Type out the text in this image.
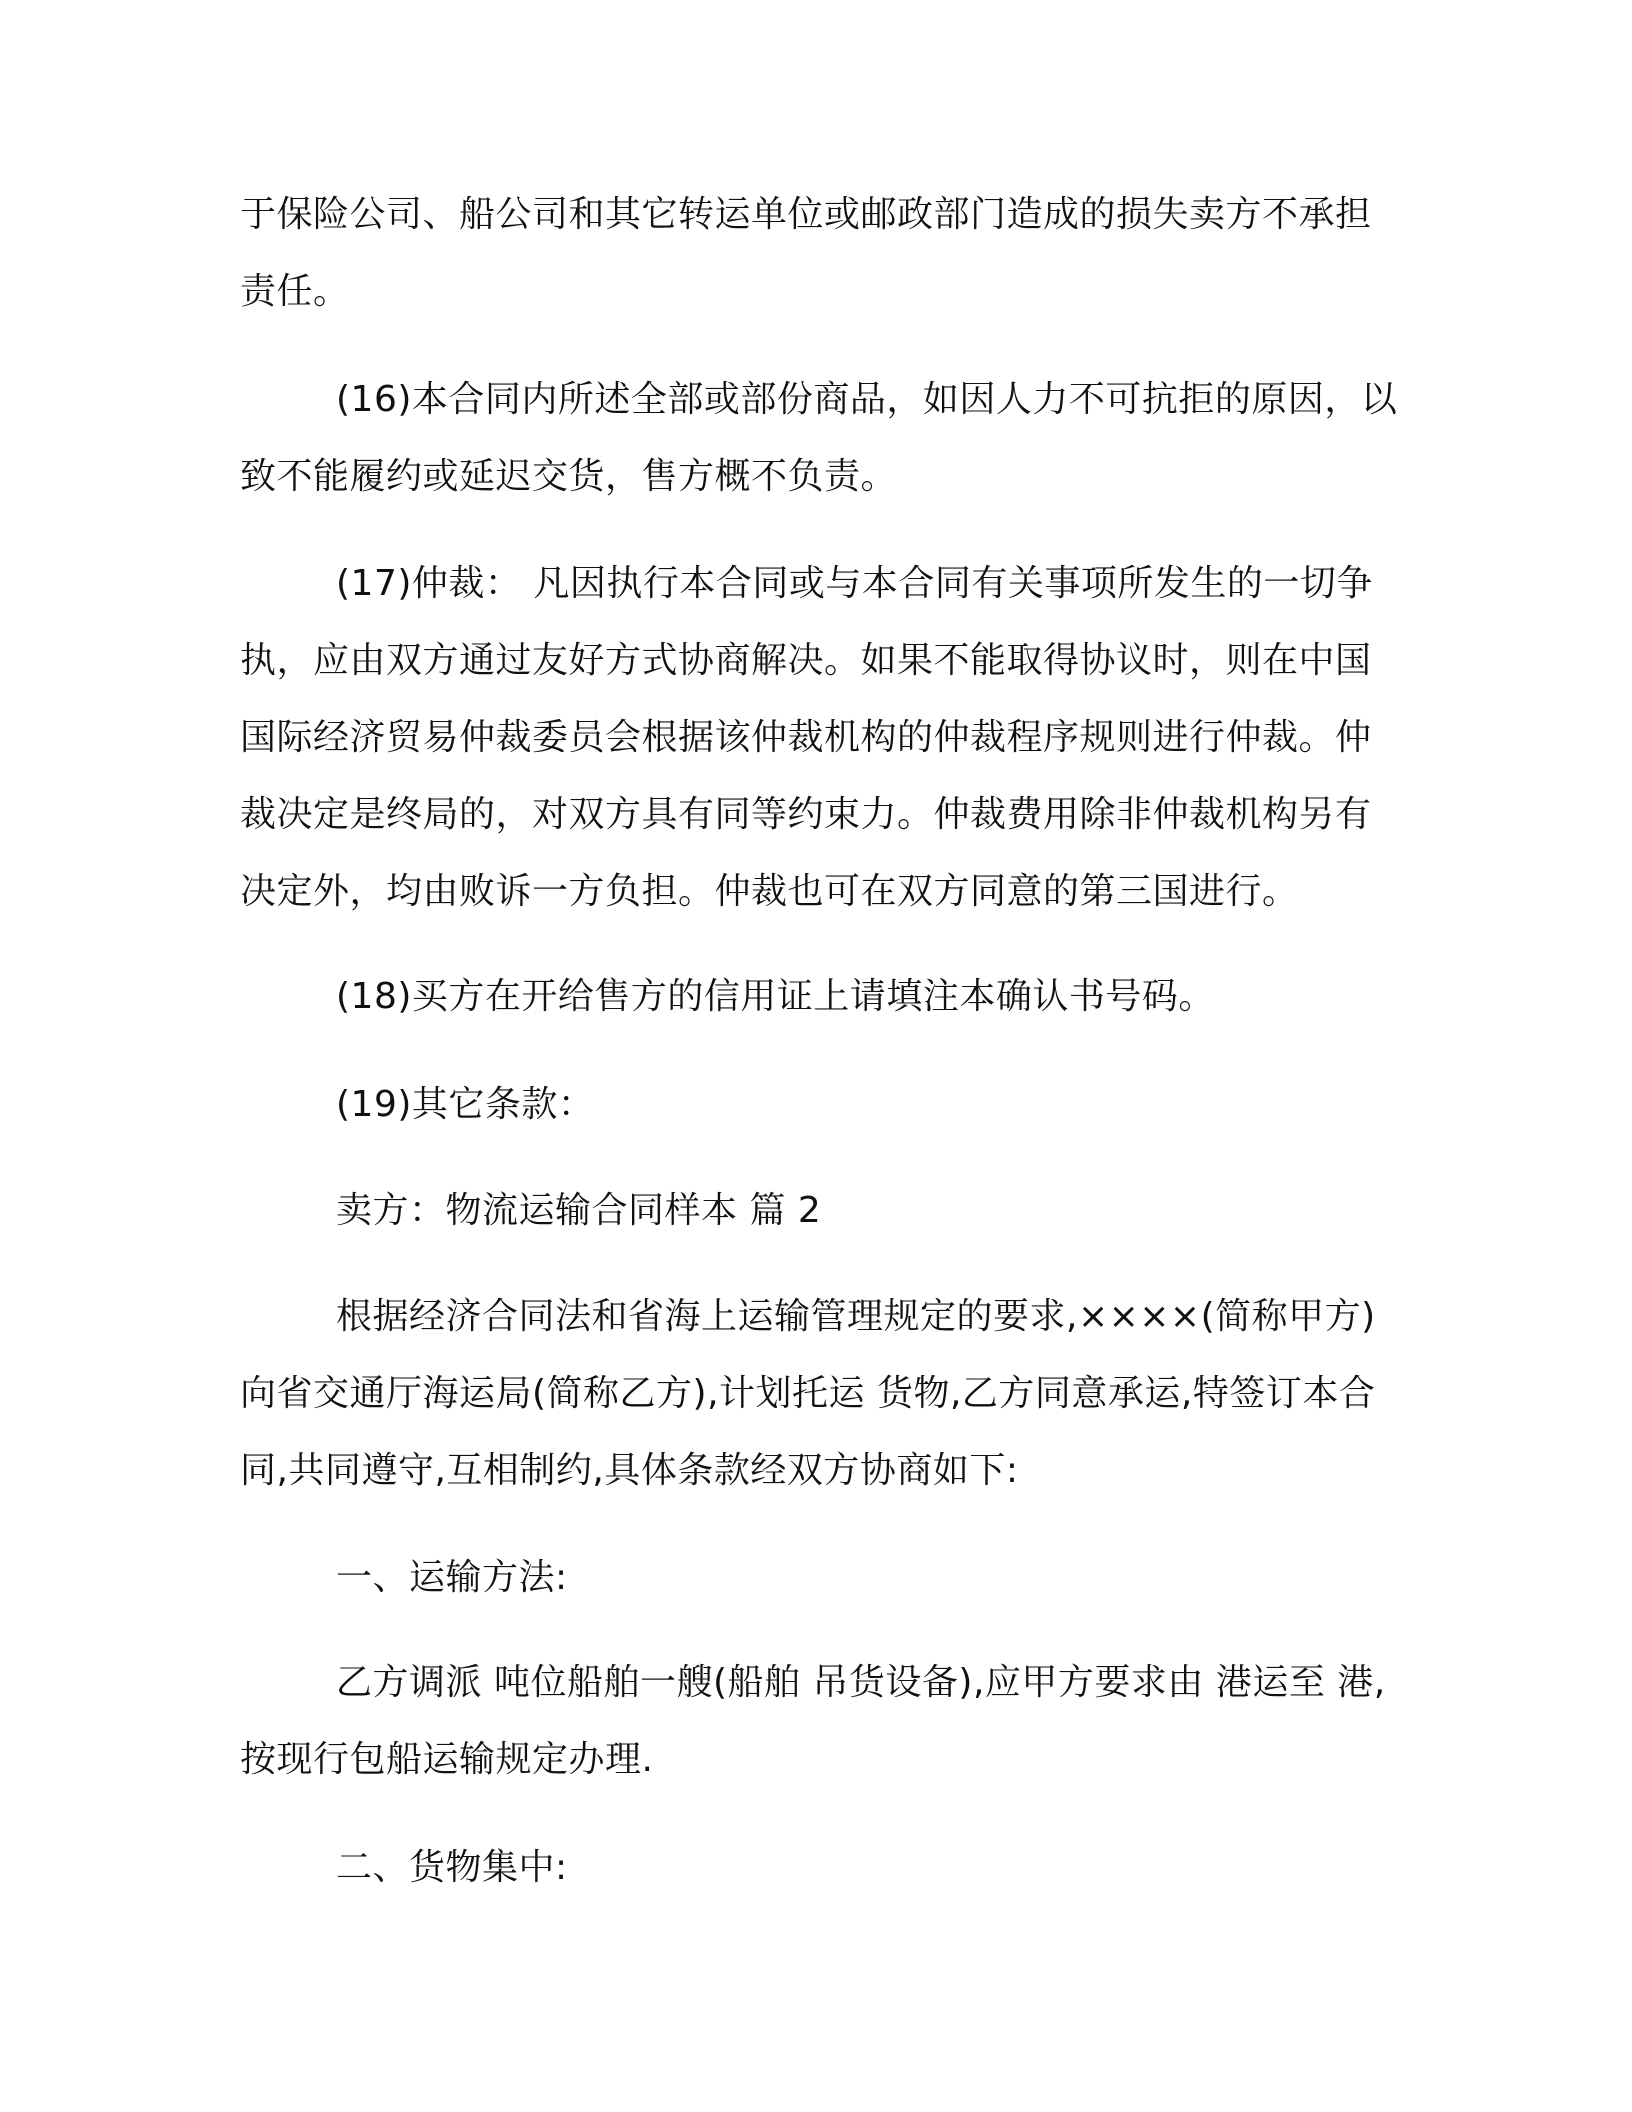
于保险公司、船公司和其它转运单位或邮政部门造成的损失卖方不承担责任。

(16)本合同内所述全部或部份商品，如因人力不可抗拒的原因，以致不能履约或延迟交货，售方概不负责。

(17)仲裁： 凡因执行本合同或与本合同有关事项所发生的一切争执，应由双方通过友好方式协商解决。如果不能取得协议时，则在中国国际经济贸易仲裁委员会根据该仲裁机构的仲裁程序规则进行仲裁。仲裁决定是终局的，对双方具有同等约束力。仲裁费用除非仲裁机构另有决定外，均由败诉一方负担。仲裁也可在双方同意的第三国进行。

(18)买方在开给售方的信用证上请填注本确认书号码。

(19)其它条款：

卖方：物流运输合同样本 篇 2

根据经济合同法和省海上运输管理规定的要求,××××(简称甲方)向省交通厅海运局(简称乙方),计划托运 货物,乙方同意承运,特签订本合同,共同遵守,互相制约,具体条款经双方协商如下:

一、运输方法:

乙方调派 吨位船舶一艘(船舶 吊货设备),应甲方要求由 港运至 港,按现行包船运输规定办理.

二、货物集中:
